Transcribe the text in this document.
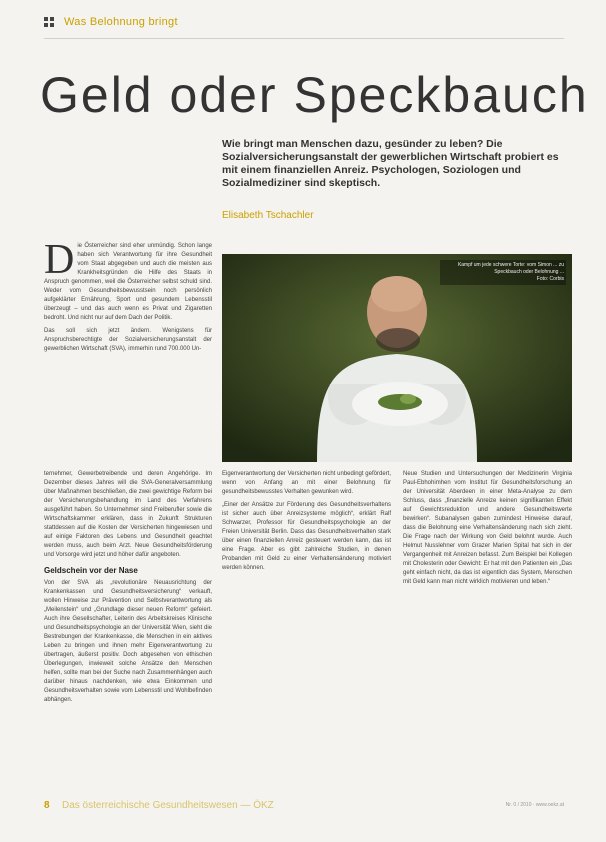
Was Belohnung bringt
Geld oder Speckbauch
Wie bringt man Menschen dazu, gesünder zu leben? Die Sozialversicherungsanstalt der gewerblichen Wirtschaft probiert es mit einem finanziellen Anreiz. Psychologen, Soziologen und Sozialmediziner sind skeptisch.
Elisabeth Tschachler

Die Österreicher sind eher unmündig. Schon lange haben sich Verantwortung für ihre Gesundheit vom Staat abgegeben und auch die meisten aus Krankheitsgründen die Hilfe des Staats in Anspruch genommen, weil die Österreicher selbst schuld sind. Weder vom Gesundheitsbewusstsein noch persönlich aufgeklärter Ernährung, Sport und gesundem Lebensstil überzeugt – und das auch wenn es Privat und Zigaretten bedroht. Und nicht nur auf dem Dach der Politik.

Das soll sich jetzt ändern. Wenigstens für Anspruchsberechtigte der Sozialversicherungsanstalt der gewerblichen Wirtschaft (SVA), immerhin rund 700.000 Un-

Kampf um jede schwere Torte: vom Simon ... zu Speckbauch oder Belohnung ...
Foto: Corbis

ternehmer, Gewerbetreibende und deren Angehörige. Im Dezember dieses Jahres will die SVA-Generalversammlung über Maßnahmen beschließen, die zwei gewichtige Reform bei der Versicherungsbehandlung im Land des Verfahrens ausgeführt haben. So Unternehmer sind Freiberufler sowie die Wirtschaftskammer erklären, dass in Zukunft Strukturen stattdessen auf die Kosten der Versicherten hingewiesen und auf einige Faktoren des Lebens und Gesundheit geachtet werden muss, auch beim Arzt. Neue Gesundheitsförderung und Vorsorge wird jetzt und höher dafür angeboten.

Geldschein vor der Nase

Von der SVA als „revolutionäre Neuausrichtung der Krankenkassen und Gesundheitsversicherung“ verkauft, wollen Hinweise zur Prävention und Selbstverantwortung als „Meilenstein“ und „Grundlage dieser neuen Reform“ gefeiert. Auch ihre Gesellschafter, Leiterin des Arbeitskreises Klinische und Gesundheitspsychologie an der Universität Wien, sieht die Bestrebungen der Krankenkasse, die Menschen in ein aktives Leben zu bringen und ihnen mehr Eigenverantwortung zu übertragen, äußerst positiv. Doch abgesehen von ethischen Überlegungen, inwieweit solche Ansätze den Menschen helfen, sollte man bei der Suche nach Zusammenhängen auch darüber hinaus nachdenken, wie etwa Einkommen und Gesundheitsverhalten sowie vom Lebensstil und Wohlbefinden abhängen.

Eigenverantwortung der Versicherten nicht unbedingt gefördert, wenn von Anfang an mit einer Belohnung für gesundheitsbewusstes Verhalten gewunken wird.

„Einer der Ansätze zur Förderung des Gesundheitsverhaltens ist sicher auch über Anreizsysteme möglich“, erklärt Ralf Schwarzer, Professor für Gesundheitspsychologie an der Freien Universität Berlin. Dass das Gesundheitsverhalten stark über einen finanziellen Anreiz gesteuert werden kann, das ist eine Frage. Aber es gibt zahlreiche Studien, in denen Probanden mit Geld zu einer Verhaltensänderung motiviert werden können.

Neue Studien und Untersuchungen der Medizinerin Virginia Paul-Ebhohimhen vom Institut für Gesundheitsforschung an der Universität Aberdeen in einer Meta-Analyse zu dem Schluss, dass „finanzielle Anreize keinen signifikanten Effekt auf Gewichtsreduktion und andere Gesundheitswerte bewirken“. Subanalysen gaben zumindest Hinweise darauf, dass die Belohnung eine Verhaltensänderung nach sich zieht. Die Frage nach der Wirkung von Geld belohnt wurde. Auch Helmut Nusslehner vom Grazer Marien Spital hat sich in der Vergangenheit mit Anreizen befasst. Zum Beispiel bei Kollegen mit Cholesterin oder Gewicht: Er hat mit den Patienten ein „Das geht einfach nicht, da das ist eigentlich das System, Menschen mit Geld kann man nicht wirklich motivieren und leben.“

8 Das österreichische Gesundheitswesen — ÖKZ	Nr. 0 / 2010 · www.oekz.at
